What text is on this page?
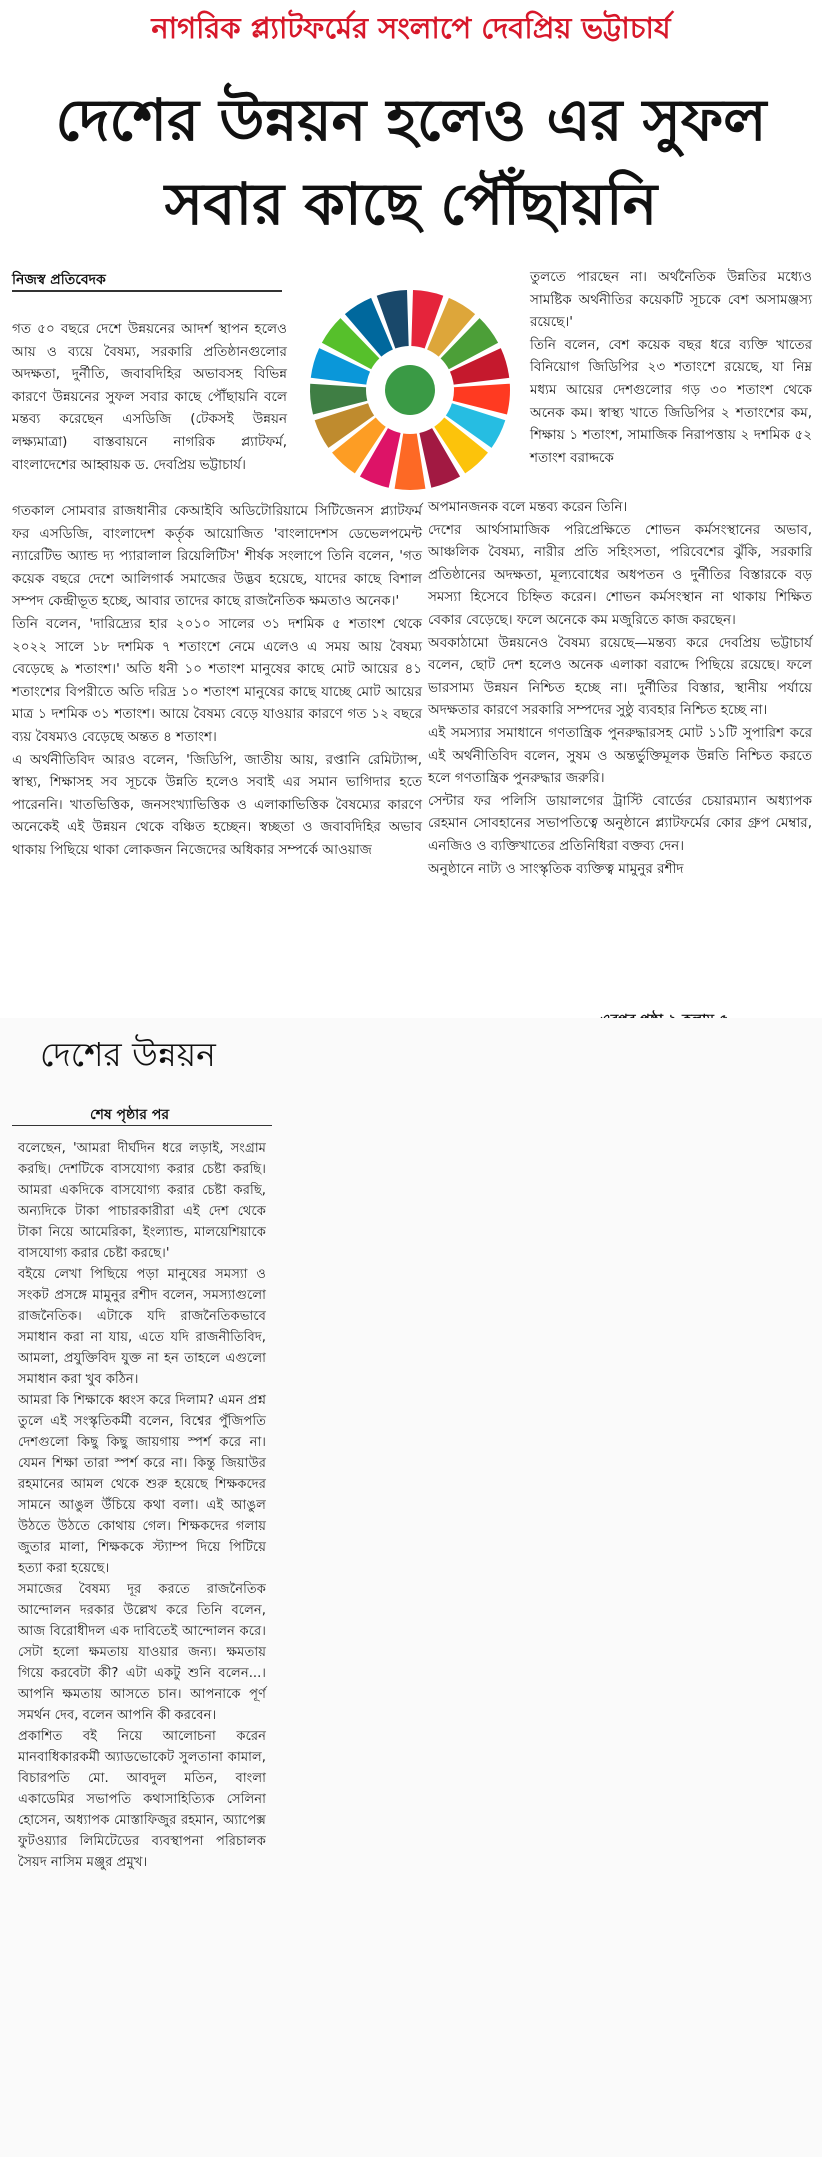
নাগরিক প্ল্যাটফর্মের সংলাপে দেবপ্রিয় ভট্টাচার্য
দেশের উন্নয়ন হলেও এর সুফল
সবার কাছে পৌঁছায়নি
নিজস্ব প্রতিবেদক

গত ৫০ বছরে দেশে উন্নয়নের আদর্শ স্থাপন হলেও আয় ও ব্যয়ে বৈষম্য, সরকারি প্রতিষ্ঠানগুলোর অদক্ষতা, দুর্নীতি, জবাবদিহির অভাবসহ বিভিন্ন কারণে উন্নয়নের সুফল সবার কাছে পৌঁছায়নি বলে মন্তব্য করেছেন এসডিজি (টেকসই উন্নয়ন লক্ষ্যমাত্রা) বাস্তবায়নে নাগরিক প্ল্যাটফর্ম, বাংলাদেশের আহ্বায়ক ড. দেবপ্রিয় ভট্টাচার্য।

গতকাল সোমবার রাজধানীর কেআইবি অডিটোরিয়ামে সিটিজেনস প্ল্যাটফর্ম ফর এসডিজি, বাংলাদেশ কর্তৃক আয়োজিত 'বাংলাদেশস ডেভেলপমেন্ট ন্যারেটিভ অ্যান্ড দ্য প্যারালাল রিয়েলিটিস' শীর্ষক সংলাপে তিনি বলেন, 'গত কয়েক বছরে দেশে আলিগার্ক সমাজের উদ্ভব হয়েছে, যাদের কাছে বিশাল সম্পদ কেন্দ্রীভূত হচ্ছে, আবার তাদের কাছে রাজনৈতিক ক্ষমতাও অনেক।'

তিনি বলেন, 'দারিদ্র্যের হার ২০১০ সালের ৩১ দশমিক ৫ শতাংশ থেকে ২০২২ সালে ১৮ দশমিক ৭ শতাংশে নেমে এলেও এ সময় আয় বৈষম্য বেড়েছে ৯ শতাংশ।' অতি ধনী ১০ শতাংশ মানুষের কাছে মোট আয়ের ৪১ শতাংশের বিপরীতে অতি দরিদ্র ১০ শতাংশ মানুষের কাছে যাচ্ছে মোট আয়ের মাত্র ১ দশমিক ৩১ শতাংশ। আয়ে বৈষম্য বেড়ে যাওয়ার কারণে গত ১২ বছরে ব্যয় বৈষম্যও বেড়েছে অন্তত ৪ শতাংশ।

এ অর্থনীতিবিদ আরও বলেন, 'জিডিপি, জাতীয় আয়, রপ্তানি রেমিট্যান্স, স্বাস্থ্য, শিক্ষাসহ সব সূচকে উন্নতি হলেও সবাই এর সমান ভাগিদার হতে পারেননি। খাতভিত্তিক, জনসংখ্যাভিত্তিক ও এলাকাভিত্তিক বৈষম্যের কারণে অনেকেই এই উন্নয়ন থেকে বঞ্চিত হচ্ছেন। স্বচ্ছতা ও জবাবদিহির অভাব থাকায় পিছিয়ে থাকা লোকজন নিজেদের অধিকার সম্পর্কে আওয়াজ

তুলতে পারছেন না। অর্থনৈতিক উন্নতির মধ্যেও সামষ্টিক অর্থনীতির কয়েকটি সূচকে বেশ অসামঞ্জস্য রয়েছে।'

তিনি বলেন, বেশ কয়েক বছর ধরে ব্যক্তি খাতের বিনিয়োগ জিডিপির ২৩ শতাংশে রয়েছে, যা নিম্ন মধ্যম আয়ের দেশগুলোর গড় ৩০ শতাংশ থেকে অনেক কম। স্বাস্থ্য খাতে জিডিপির ২ শতাংশের কম, শিক্ষায় ১ শতাংশ, সামাজিক নিরাপত্তায় ২ দশমিক ৫২ শতাংশ বরাদ্দকে

অপমানজনক বলে মন্তব্য করেন তিনি।

দেশের আর্থসামাজিক পরিপ্রেক্ষিতে শোভন কর্মসংস্থানের অভাব, আঞ্চলিক বৈষম্য, নারীর প্রতি সহিংসতা, পরিবেশের ঝুঁকি, সরকারি প্রতিষ্ঠানের অদক্ষতা, মূল্যবোধের অধপতন ও দুর্নীতির বিস্তারকে বড় সমস্যা হিসেবে চিহ্নিত করেন। শোভন কর্মসংস্থান না থাকায় শিক্ষিত বেকার বেড়েছে। ফলে অনেকে কম মজুরিতে কাজ করছেন।

অবকাঠামো উন্নয়নেও বৈষম্য রয়েছে—মন্তব্য করে দেবপ্রিয় ভট্টাচার্য বলেন, ছোট দেশ হলেও অনেক এলাকা বরাদ্দে পিছিয়ে রয়েছে। ফলে ভারসাম্য উন্নয়ন নিশ্চিত হচ্ছে না। দুর্নীতির বিস্তার, স্থানীয় পর্যায়ে অদক্ষতার কারণে সরকারি সম্পদের সুষ্ঠু ব্যবহার নিশ্চিত হচ্ছে না।

এই সমস্যার সমাধানে গণতান্ত্রিক পুনরুদ্ধারসহ মোট ১১টি সুপারিশ করে এই অর্থনীতিবিদ বলেন, সুষম ও অন্তর্ভুক্তিমূলক উন্নতি নিশ্চিত করতে হলে গণতান্ত্রিক পুনরুদ্ধার জরুরি।

সেন্টার ফর পলিসি ডায়ালগের ট্রাস্টি বোর্ডের চেয়ারম্যান অধ্যাপক রেহমান সোবহানের সভাপতিত্বে অনুষ্ঠানে প্ল্যাটফর্মের কোর গ্রুপ মেম্বার, এনজিও ও ব্যক্তিখাতের প্রতিনিধিরা বক্তব্য দেন।

অনুষ্ঠানে নাট্য ও সাংস্কৃতিক ব্যক্তিত্ব মামুনুর রশীদ

দেশের উন্নয়ন
শেষ পৃষ্ঠার পর

বলেছেন, 'আমরা দীর্ঘদিন ধরে লড়াই, সংগ্রাম করছি। দেশটিকে বাসযোগ্য করার চেষ্টা করছি। আমরা একদিকে বাসযোগ্য করার চেষ্টা করছি, অন্যদিকে টাকা পাচারকারীরা এই দেশ থেকে টাকা নিয়ে আমেরিকা, ইংল্যান্ড, মালয়েশিয়াকে বাসযোগ্য করার চেষ্টা করছে।'

বইয়ে লেখা পিছিয়ে পড়া মানুষের সমস্যা ও সংকট প্রসঙ্গে মামুনুর রশীদ বলেন, সমস্যাগুলো রাজনৈতিক। এটাকে যদি রাজনৈতিকভাবে সমাধান করা না যায়, এতে যদি রাজনীতিবিদ, আমলা, প্রযুক্তিবিদ যুক্ত না হন তাহলে এগুলো সমাধান করা খুব কঠিন।

আমরা কি শিক্ষাকে ধ্বংস করে দিলাম? এমন প্রশ্ন তুলে এই সংস্কৃতিকর্মী বলেন, বিশ্বের পুঁজিপতি দেশগুলো কিছু কিছু জায়গায় স্পর্শ করে না। যেমন শিক্ষা তারা স্পর্শ করে না। কিন্তু জিয়াউর রহমানের আমল থেকে শুরু হয়েছে শিক্ষকদের সামনে আঙুল উঁচিয়ে কথা বলা। এই আঙুল উঠতে উঠতে কোথায় গেল। শিক্ষকদের গলায় জুতার মালা, শিক্ষককে স্ট্যাম্প দিয়ে পিটিয়ে হত্যা করা হয়েছে।

সমাজের বৈষম্য দূর করতে রাজনৈতিক আন্দোলন দরকার উল্লেখ করে তিনি বলেন, আজ বিরোধীদল এক দাবিতেই আন্দোলন করে। সেটা হলো ক্ষমতায় যাওয়ার জন্য। ক্ষমতায় গিয়ে করবেটা কী? এটা একটু শুনি বলেন...। আপনি ক্ষমতায় আসতে চান। আপনাকে পূর্ণ সমর্থন দেব, বলেন আপনি কী করবেন।

প্রকাশিত বই নিয়ে আলোচনা করেন মানবাধিকারকর্মী অ্যাডভোকেট সুলতানা কামাল, বিচারপতি মো. আবদুল মতিন, বাংলা একাডেমির সভাপতি কথাসাহিত্যিক সেলিনা হোসেন, অধ্যাপক মোস্তাফিজুর রহমান, অ্যাপেক্স ফুটওয়্যার লিমিটেডের ব্যবস্থাপনা পরিচালক সৈয়দ নাসিম মঞ্জুর প্রমুখ।
